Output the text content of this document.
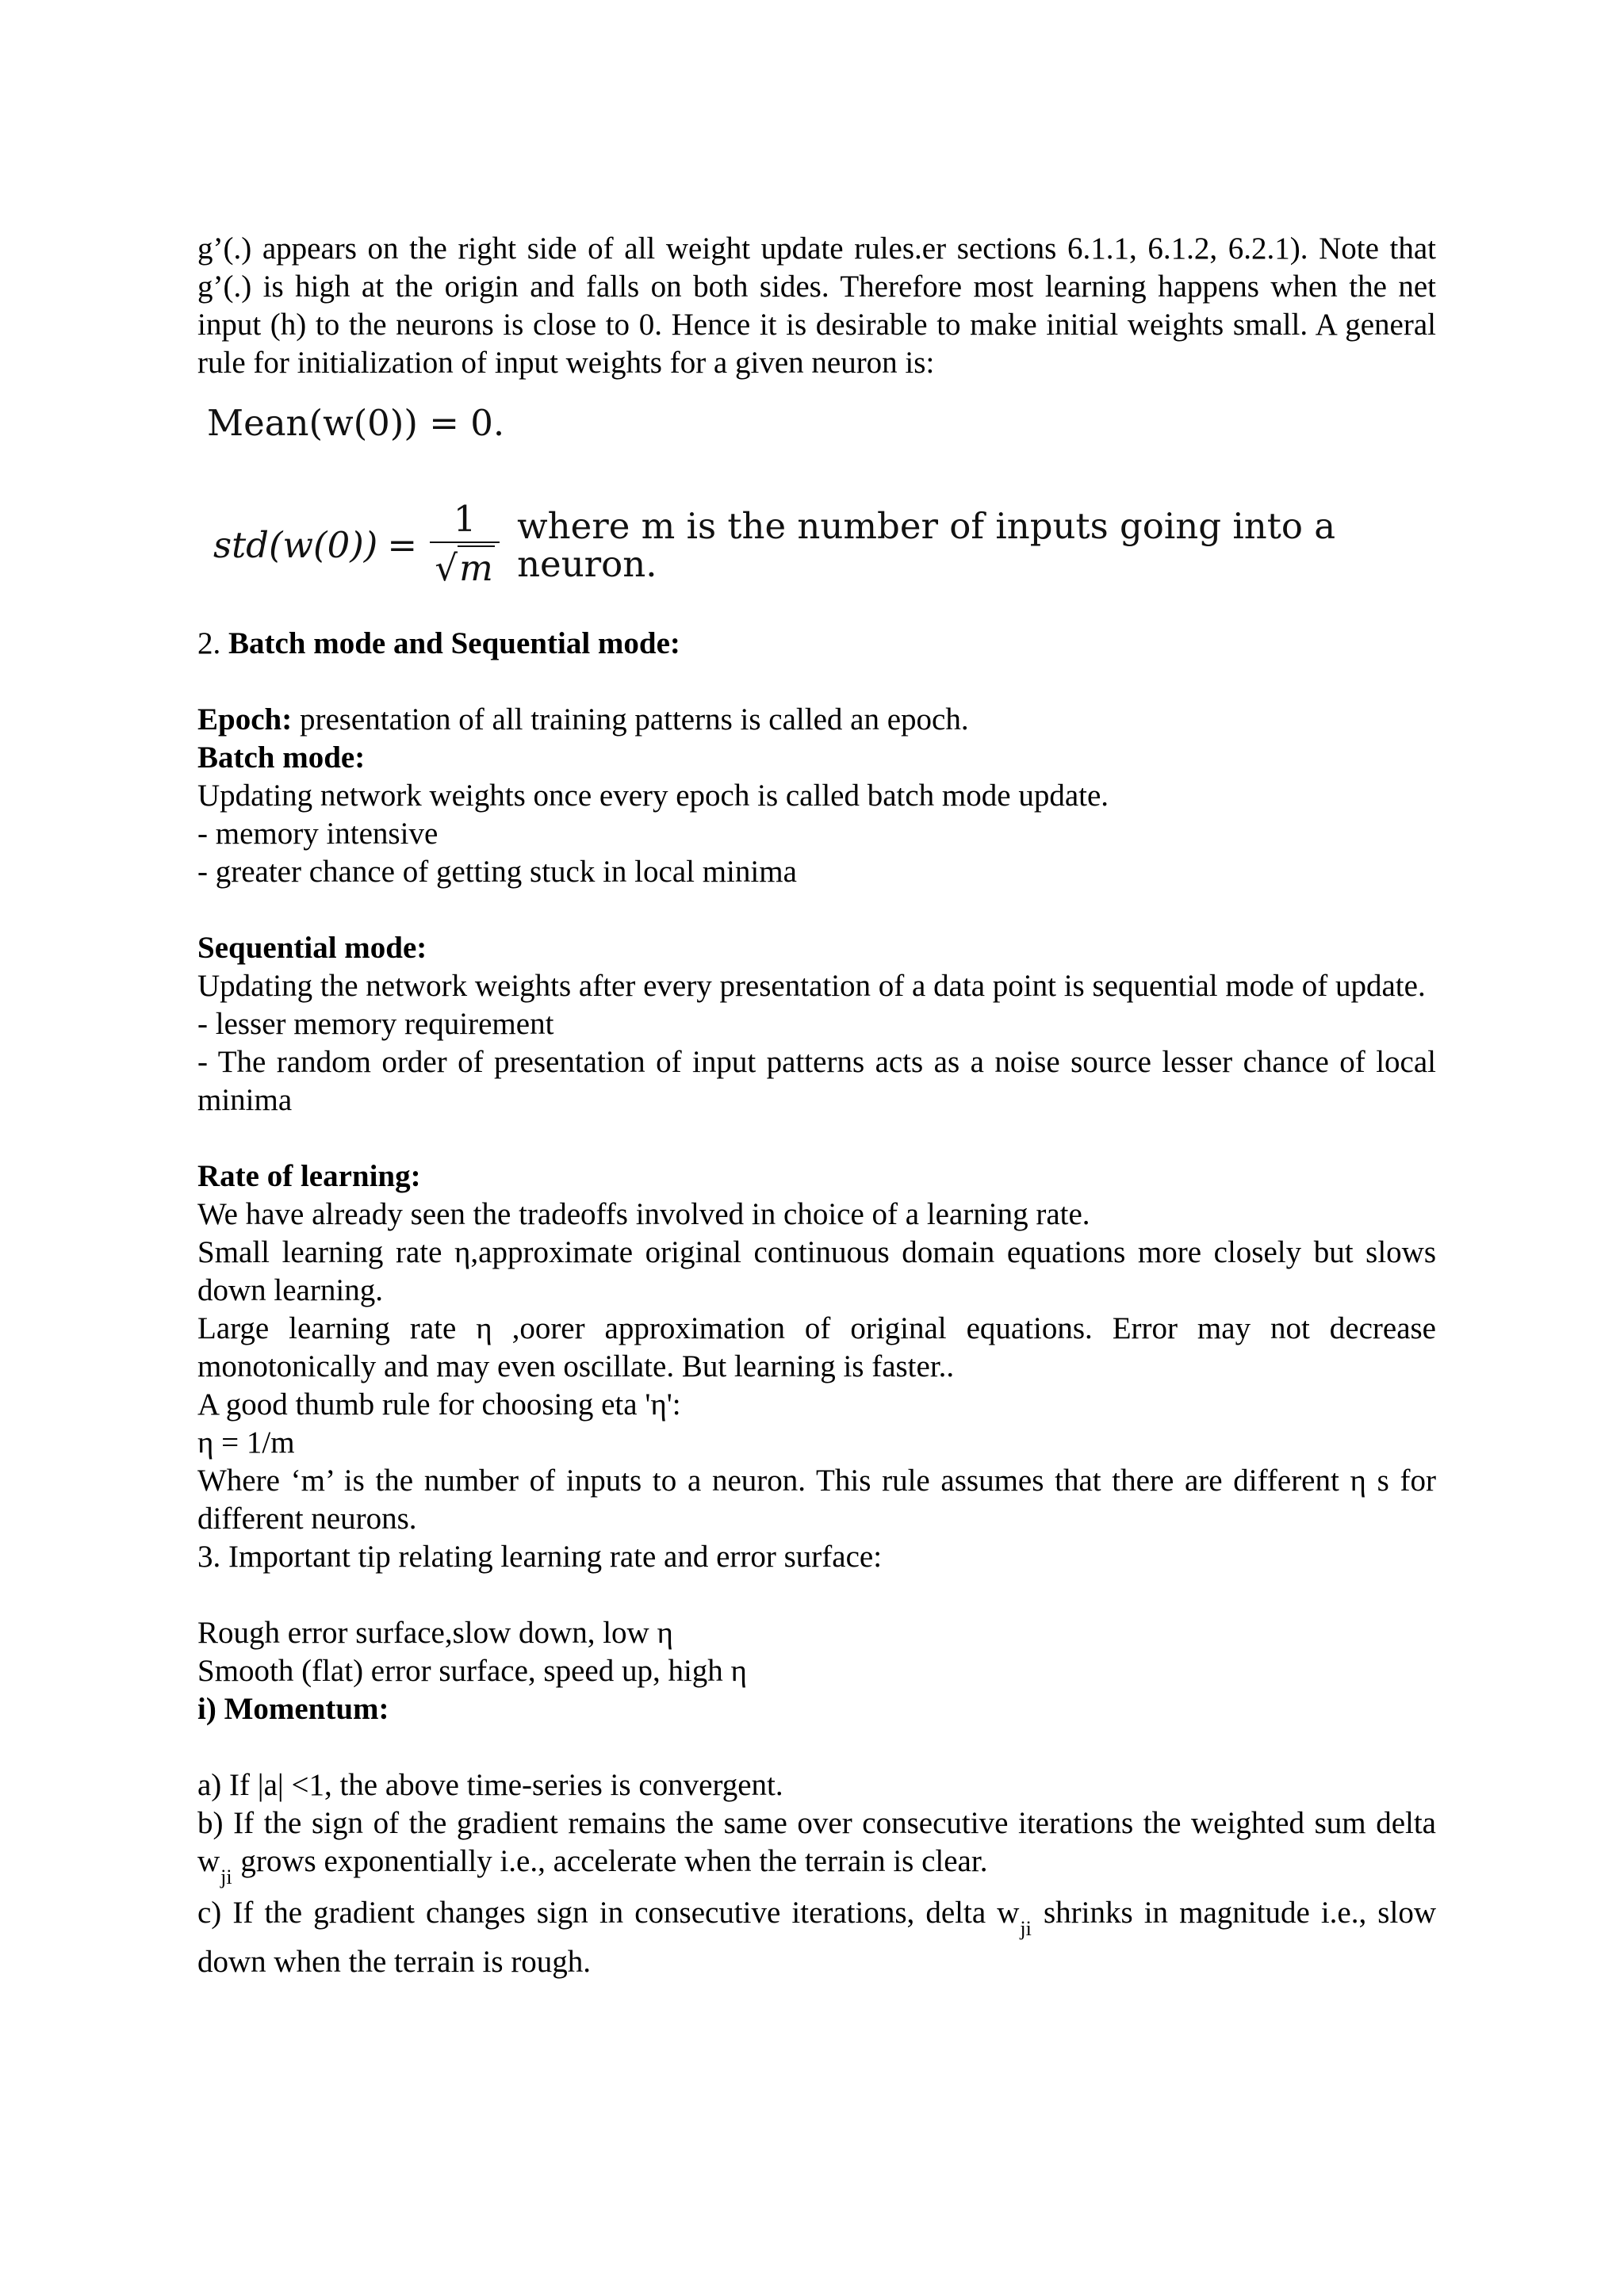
g’(.) appears on the right side of all weight update rules.er sections 6.1.1, 6.1.2, 6.2.1). Note that g’(.) is high at the origin and falls on both sides. Therefore most learning happens when the net input (h) to the neurons is close to 0. Hence it is desirable to make initial weights small. A general rule for initialization of input weights for a given neuron is:

Mean(w(0)) = 0.
$std(w(0)) = \frac{1}{√m}$ where m is the number of inputs going into a neuron.

2. Batch mode and Sequential mode:

Epoch: presentation of all training patterns is called an epoch.

Batch mode:

Updating network weights once every epoch is called batch mode update.

- memory intensive

- greater chance of getting stuck in local minima

Sequential mode:

Updating the network weights after every presentation of a data point is sequential mode of update.

- lesser memory requirement

- The random order of presentation of input patterns acts as a noise source lesser chance of local minima

Rate of learning:

We have already seen the tradeoffs involved in choice of a learning rate.

Small learning rate η,approximate original continuous domain equations more closely but slows down learning.

Large learning rate η ,oorer approximation of original equations. Error may not decrease monotonically and may even oscillate. But learning is faster..

A good thumb rule for choosing eta 'η':

η = 1/m

Where ‘m’ is the number of inputs to a neuron. This rule assumes that there are different η s for different neurons.

3. Important tip relating learning rate and error surface:

Rough error surface,slow down, low η

Smooth (flat) error surface, speed up, high η

i) Momentum:

a) If |a| <1, the above time-series is convergent.

b) If the sign of the gradient remains the same over consecutive iterations the weighted sum delta $w_{ji}$ grows exponentially i.e., accelerate when the terrain is clear.

c) If the gradient changes sign in consecutive iterations, delta $w_{ji}$ shrinks in magnitude i.e., slow down when the terrain is rough.
